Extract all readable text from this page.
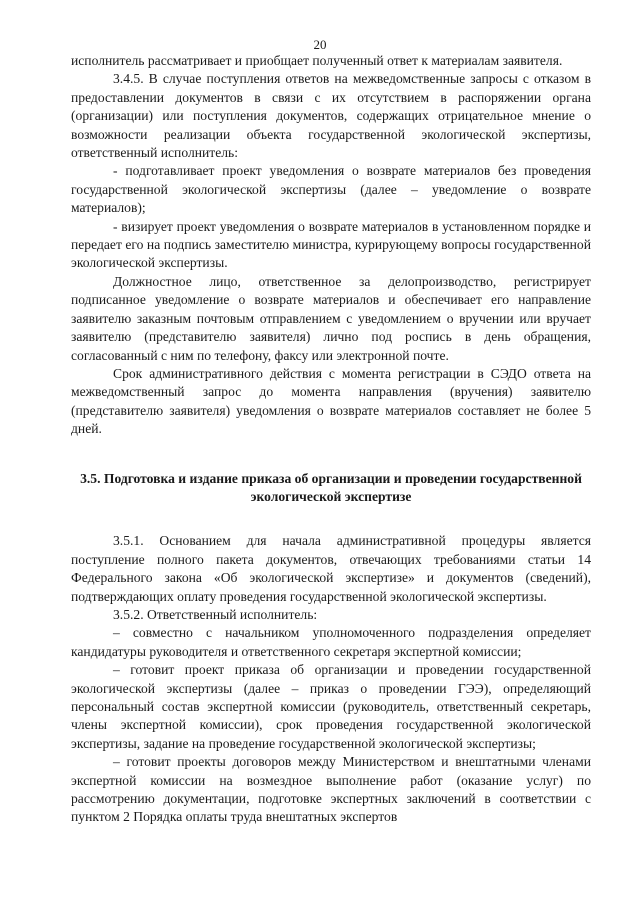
20

исполнитель рассматривает и приобщает полученный ответ к материалам заявителя.

3.4.5. В случае поступления ответов на межведомственные запросы с отказом в предоставлении документов в связи с их отсутствием в распоряжении органа (организации) или поступления документов, содержащих отрицательное мнение о возможности реализации объекта государственной экологической экспертизы, ответственный исполнитель:

- подготавливает проект уведомления о возврате материалов без проведения государственной экологической экспертизы (далее – уведомление о возврате материалов);

- визирует проект уведомления о возврате материалов в установленном порядке и передает его на подпись заместителю министра, курирующему вопросы государственной экологической экспертизы.

Должностное лицо, ответственное за делопроизводство, регистрирует подписанное уведомление о возврате материалов и обеспечивает его направление заявителю заказным почтовым отправлением с уведомлением о вручении или вручает заявителю (представителю заявителя) лично под роспись в день обращения, согласованный с ним по телефону, факсу или электронной почте.

Срок административного действия с момента регистрации в СЭДО ответа на межведомственный запрос до момента направления (вручения) заявителю (представителю заявителя) уведомления о возврате материалов составляет не более 5 дней.

3.5. Подготовка и издание приказа об организации и проведении государственной экологической экспертизе

3.5.1. Основанием для начала административной процедуры является поступление полного пакета документов, отвечающих требованиями статьи 14 Федерального закона «Об экологической экспертизе» и документов (сведений), подтверждающих оплату проведения государственной экологической экспертизы.

3.5.2. Ответственный исполнитель:

– совместно с начальником уполномоченного подразделения определяет кандидатуры руководителя и ответственного секретаря экспертной комиссии;

– готовит проект приказа об организации и проведении государственной экологической экспертизы (далее – приказ о проведении ГЭЭ), определяющий персональный состав экспертной комиссии (руководитель, ответственный секретарь, члены экспертной комиссии), срок проведения государственной экологической экспертизы, задание на проведение государственной экологической экспертизы;

– готовит проекты договоров между Министерством и внештатными членами экспертной комиссии на возмездное выполнение работ (оказание услуг) по рассмотрению документации, подготовке экспертных заключений в соответствии с пунктом 2 Порядка оплаты труда внештатных экспертов
